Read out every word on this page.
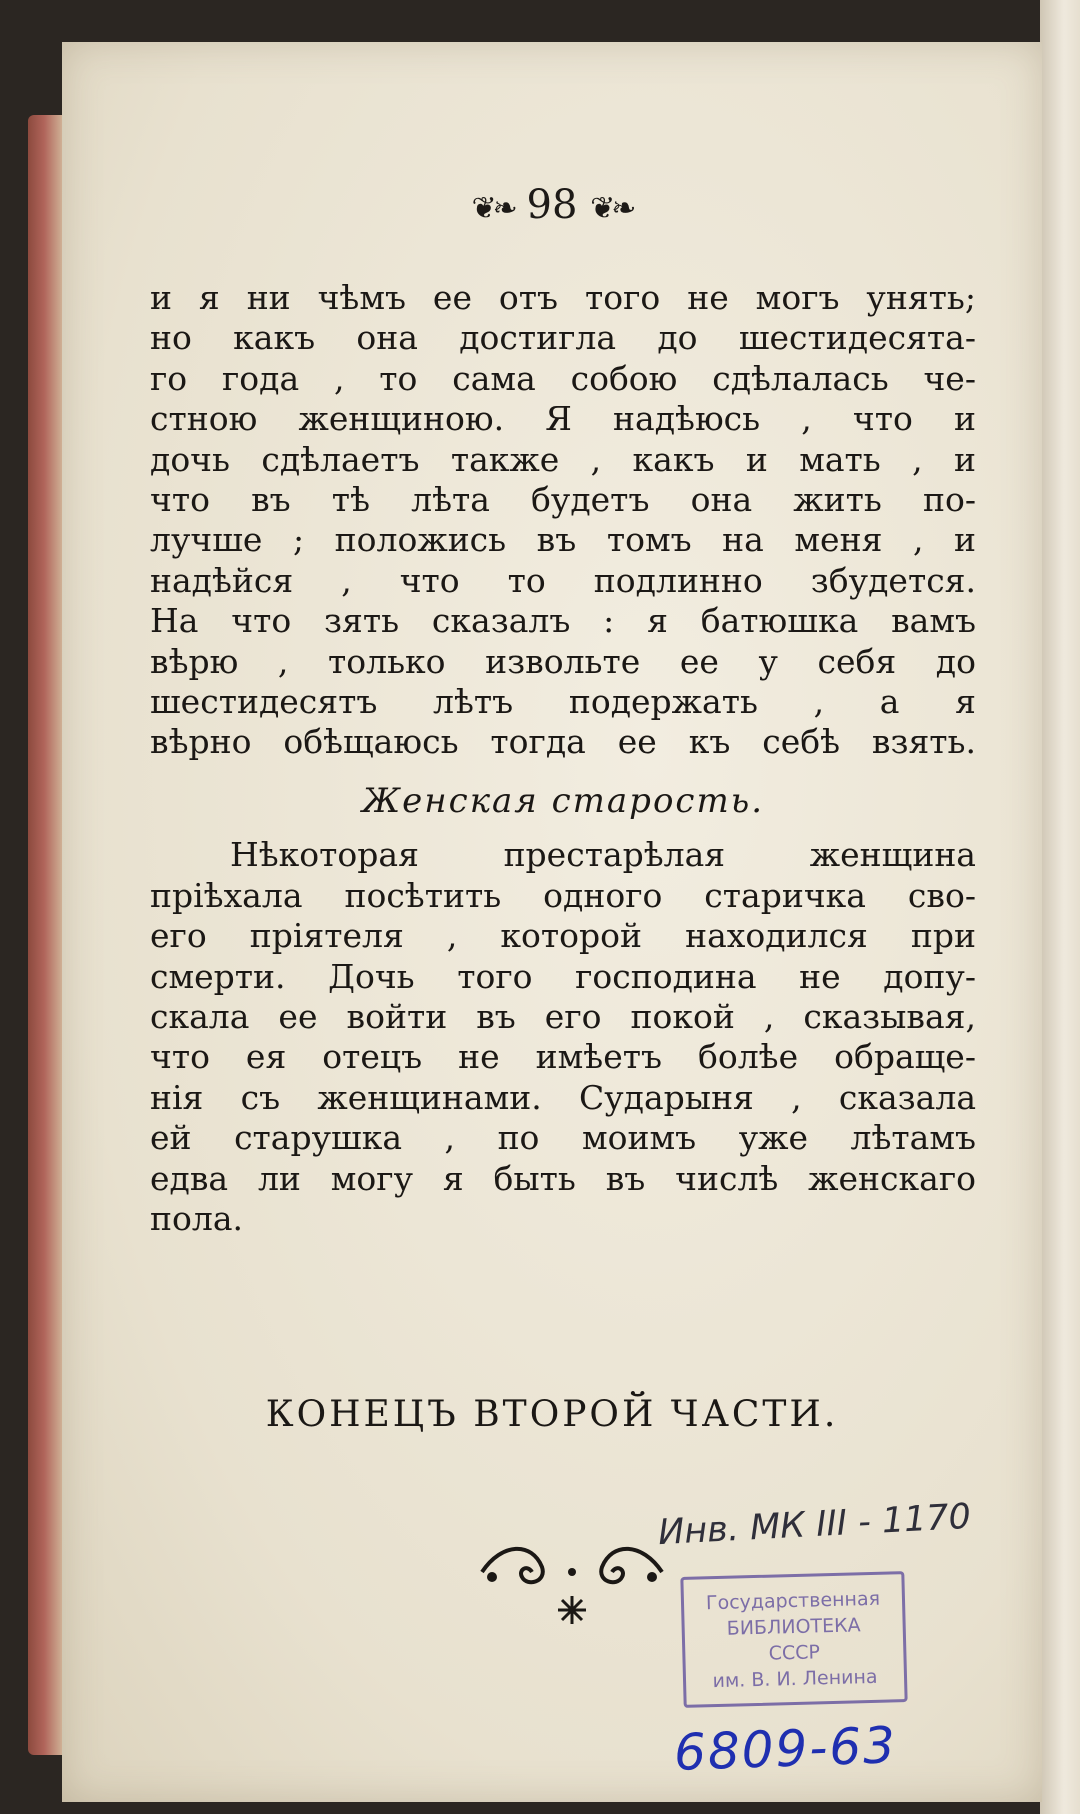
❦❧ 98 ❦❧
и я ни чѣмъ ее отъ того не могъ унять;
но какъ она достигла до шестидесята-
го года , то сама собою сдѣлалась че-
стною женщиною. Я надѣюсь , что и
дочь сдѣлаетъ также , какъ и мать , и
что въ тѣ лѣта будетъ она жить по-
лучше ; положись въ томъ на меня , и
надѣйся , что то подлинно збудется.
На что зять сказалъ : я батюшка вамъ
вѣрю , только извольте ее у себя до
шестидесятъ лѣтъ подержать , а я
вѣрно обѣщаюсь тогда ее къ себѣ взять.
Женская старость.
Нѣкоторая престарѣлая женщина
пріѣхала посѣтить одного старичка сво-
его пріятеля , которой находился при
смерти. Дочь того господина не допу-
скала ее войти въ его покой , сказывая,
что ея отецъ не имѣетъ болѣе обраще-
нія съ женщинами. Сударыня , сказала
ей старушка , по моимъ уже лѣтамъ
едва ли могу я быть въ числѣ женскаго
пола.
КОНЕЦЪ ВТОРОЙ ЧАСТИ.
Инв. МК III - 1170
Государственная
БИБЛИОТЕКА
СССР
им. В. И. Ленина
6809-63
